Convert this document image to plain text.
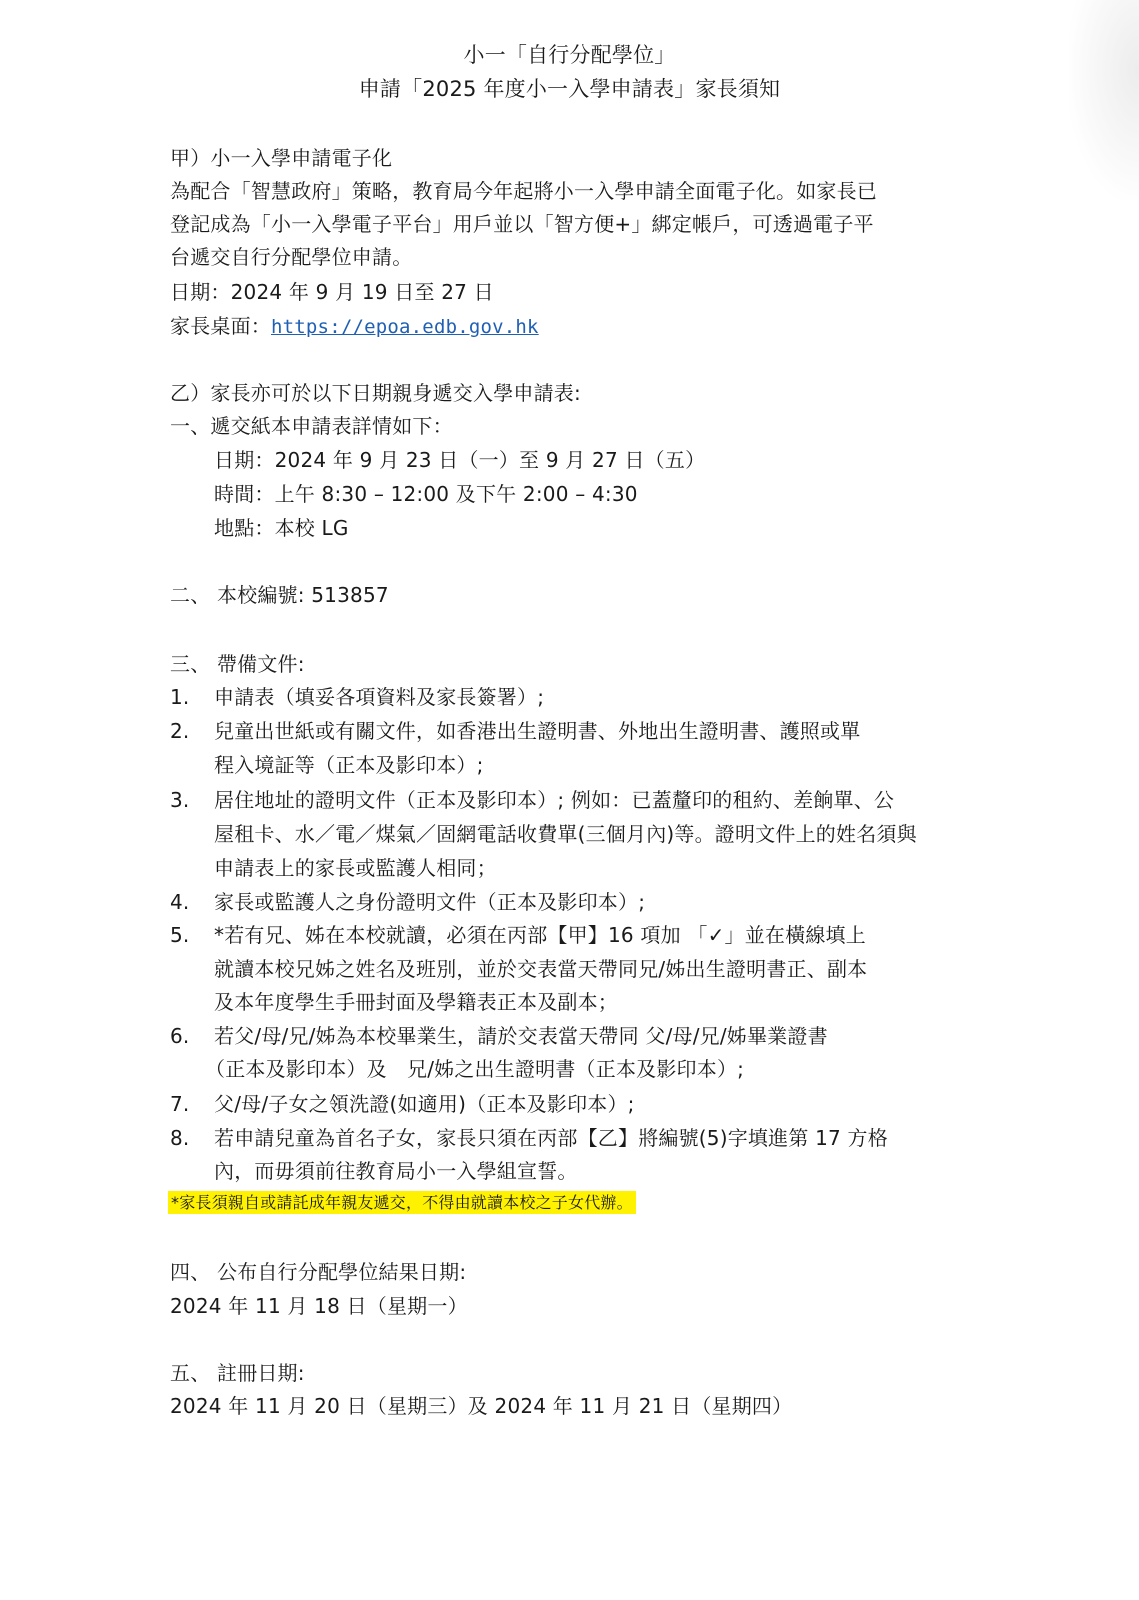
小一「自行分配學位」
申請「2025 年度小一入學申請表」家長須知
甲）小一入學申請電子化
為配合「智慧政府」策略，教育局今年起將小一入學申請全面電子化。如家長已
登記成為「小一入學電子平台」用戶並以「智方便+」綁定帳戶，可透過電子平
台遞交自行分配學位申請。
日期：2024 年 9 月 19 日至 27 日
家長桌面：https://epoa.edb.gov.hk
乙）家長亦可於以下日期親身遞交入學申請表:
一、遞交紙本申請表詳情如下：
日期：2024 年 9 月 23 日（一）至 9 月 27 日（五）
時間：上午 8:30 – 12:00 及下午 2:00 – 4:30
地點：本校 LG
二、 本校編號: 513857
三、 帶備文件:
1. 申請表（填妥各項資料及家長簽署）;
2. 兒童出世紙或有關文件，如香港出生證明書、外地出生證明書、護照或單
程入境証等（正本及影印本）;
3. 居住地址的證明文件（正本及影印本）; 例如：已蓋釐印的租約、差餉單、公
屋租卡、水／電／煤氣／固網電話收費單(三個月內)等。證明文件上的姓名須與
申請表上的家長或監護人相同；
4. 家長或監護人之身份證明文件（正本及影印本）;
5. *若有兄、姊在本校就讀，必須在丙部【甲】16 項加 「✓」並在橫線填上
就讀本校兄姊之姓名及班別，並於交表當天帶同兄/姊出生證明書正、副本
及本年度學生手冊封面及學籍表正本及副本；
6. 若父/母/兄/姊為本校畢業生，請於交表當天帶同 父/母/兄/姊畢業證書
（正本及影印本）及　兄/姊之出生證明書（正本及影印本）;
7. 父/母/子女之領洗證(如適用)（正本及影印本）;
8. 若申請兒童為首名子女，家長只須在丙部【乙】將編號(5)字填進第 17 方格
內，而毋須前往教育局小一入學組宣誓。
*家長須親自或請託成年親友遞交，不得由就讀本校之子女代辦。
四、 公布自行分配學位結果日期:
2024 年 11 月 18 日（星期一）
五、 註冊日期:
2024 年 11 月 20 日（星期三）及 2024 年 11 月 21 日（星期四）
